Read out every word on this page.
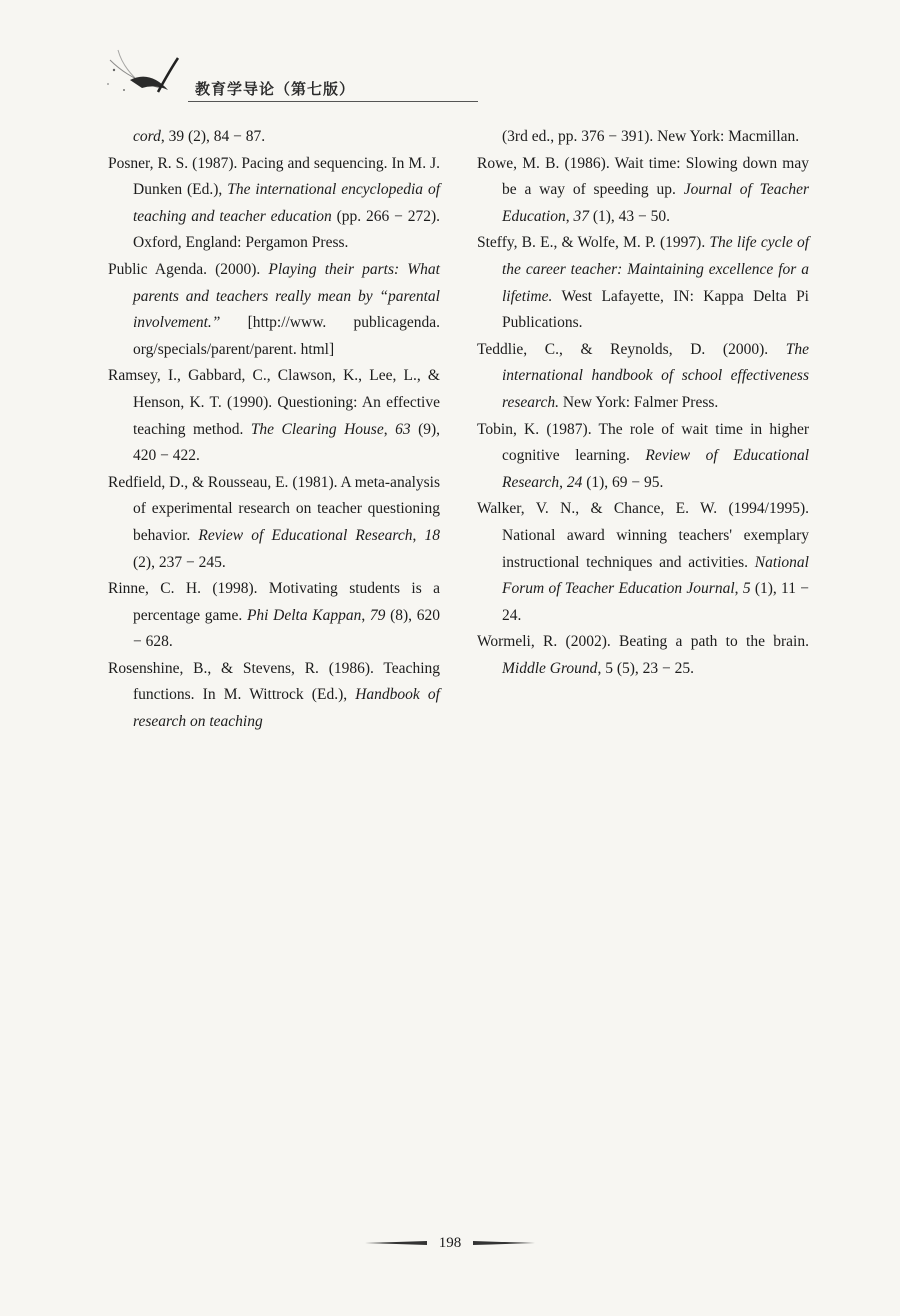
教育学导论（第七版）

cord, 39 (2), 84 − 87.

Posner, R. S. (1987). Pacing and sequencing. In M. J. Dunken (Ed.), The international encyclopedia of teaching and teacher education (pp. 266 − 272). Oxford, England: Pergamon Press.

Public Agenda. (2000). Playing their parts: What parents and teachers really mean by “parental involvement.” [http://www. publicagenda. org/specials/parent/parent. html]

Ramsey, I., Gabbard, C., Clawson, K., Lee, L., & Henson, K. T. (1990). Questioning: An effective teaching method. The Clearing House, 63 (9), 420 − 422.

Redfield, D., & Rousseau, E. (1981). A meta-analysis of experimental research on teacher questioning behavior. Review of Educational Research, 18 (2), 237 − 245.

Rinne, C. H. (1998). Motivating students is a percentage game. Phi Delta Kappan, 79 (8), 620 − 628.

Rosenshine, B., & Stevens, R. (1986). Teaching functions. In M. Wittrock (Ed.), Handbook of research on teaching

(3rd ed., pp. 376 − 391). New York: Macmillan.

Rowe, M. B. (1986). Wait time: Slowing down may be a way of speeding up. Journal of Teacher Education, 37 (1), 43 − 50.

Steffy, B. E., & Wolfe, M. P. (1997). The life cycle of the career teacher: Maintaining excellence for a lifetime. West Lafayette, IN: Kappa Delta Pi Publications.

Teddlie, C., & Reynolds, D. (2000). The international handbook of school effectiveness research. New York: Falmer Press.

Tobin, K. (1987). The role of wait time in higher cognitive learning. Review of Educational Research, 24 (1), 69 − 95.

Walker, V. N., & Chance, E. W. (1994/1995). National award winning teachers' exemplary instructional techniques and activities. National Forum of Teacher Education Journal, 5 (1), 11 − 24.

Wormeli, R. (2002). Beating a path to the brain. Middle Ground, 5 (5), 23 − 25.

198
